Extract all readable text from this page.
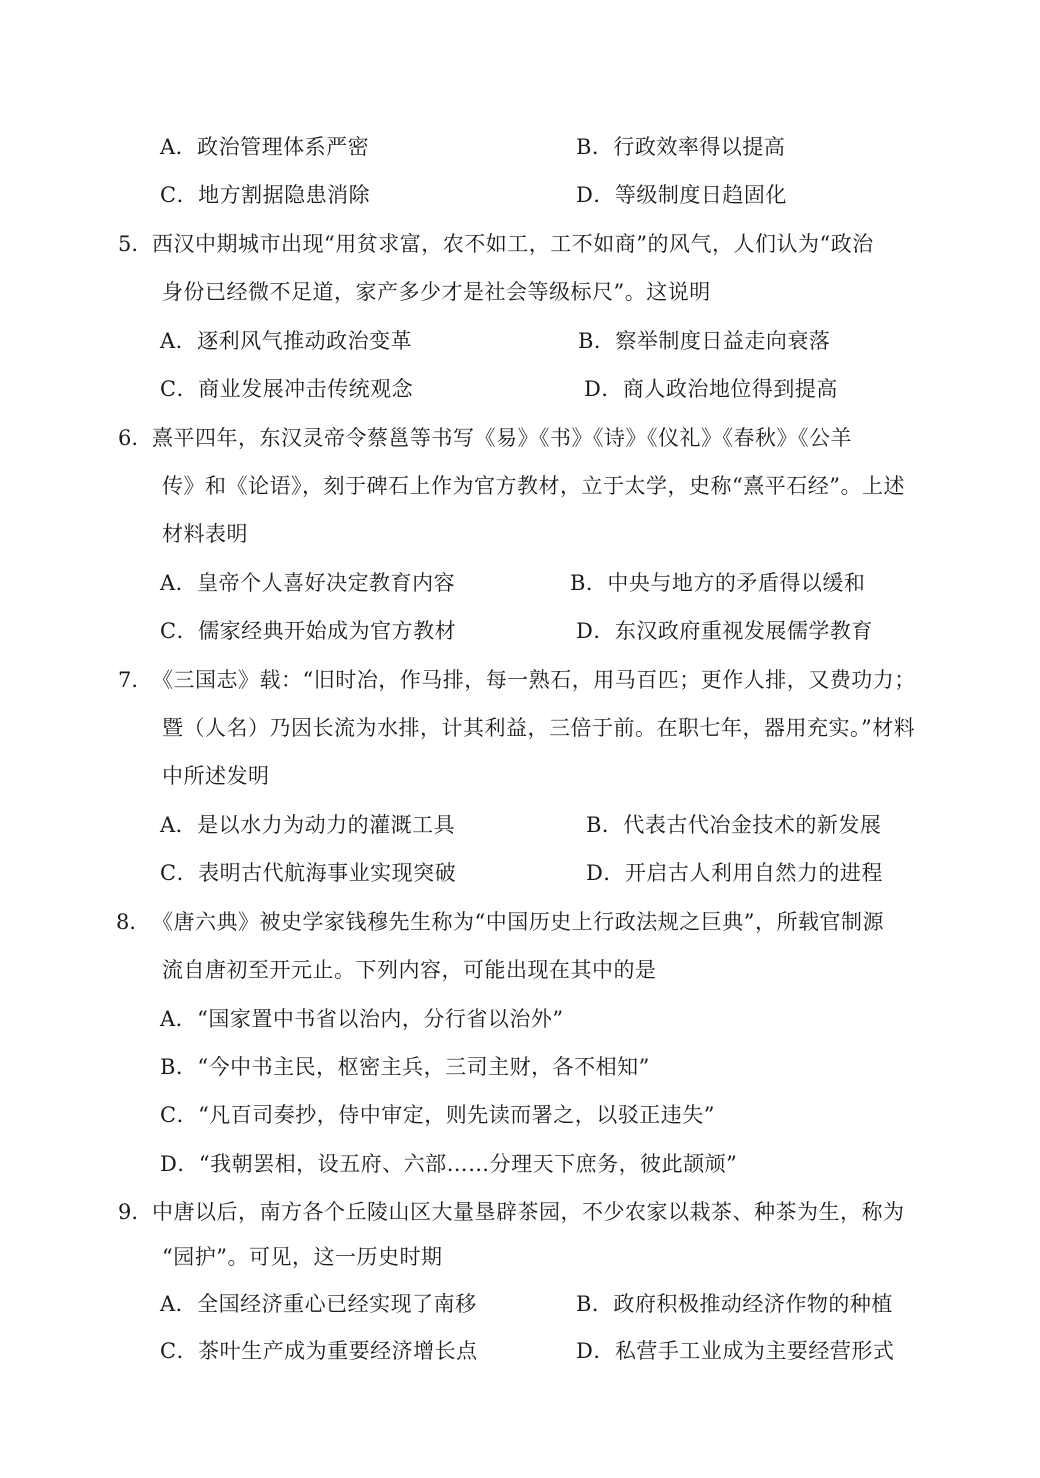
A．政治管理体系严密	B．行政效率得以提高
C．地方割据隐患消除	D．等级制度日趋固化
5. 西汉中期城市出现“用贫求富，农不如工，工不如商”的风气，人们认为“政治
身份已经微不足道，家产多少才是社会等级标尺”。这说明
A．逐利风气推动政治变革	B．察举制度日益走向衰落
C．商业发展冲击传统观念	D．商人政治地位得到提高
6. 熹平四年，东汉灵帝令蔡邕等书写《易》《书》《诗》《仪礼》《春秋》《公羊
传》和《论语》，刻于碑石上作为官方教材，立于太学，史称“熹平石经”。上述
材料表明
A．皇帝个人喜好决定教育内容	B．中央与地方的矛盾得以缓和
C．儒家经典开始成为官方教材	D．东汉政府重视发展儒学教育
7. 《三国志》载：“旧时冶，作马排，每一熟石，用马百匹；更作人排，又费功力；
暨（人名）乃因长流为水排，计其利益，三倍于前。在职七年，器用充实。”材料
中所述发明
A．是以水力为动力的灌溉工具	B．代表古代冶金技术的新发展
C．表明古代航海事业实现突破	D．开启古人利用自然力的进程
8． 《唐六典》被史学家钱穆先生称为“中国历史上行政法规之巨典”，所载官制源
流自唐初至开元止。下列内容，可能出现在其中的是
A．“国家置中书省以治内，分行省以治外”
B．“今中书主民，枢密主兵，三司主财，各不相知”
C．“凡百司奏抄，侍中审定，则先读而署之，以驳正违失”
D．“我朝罢相，设五府、六部……分理天下庶务，彼此颉颃”
9. 中唐以后，南方各个丘陵山区大量垦辟茶园，不少农家以栽茶、种茶为生，称为
“园护”。可见，这一历史时期
A．全国经济重心已经实现了南移	B．政府积极推动经济作物的种植
C．茶叶生产成为重要经济增长点	D．私营手工业成为主要经营形式
